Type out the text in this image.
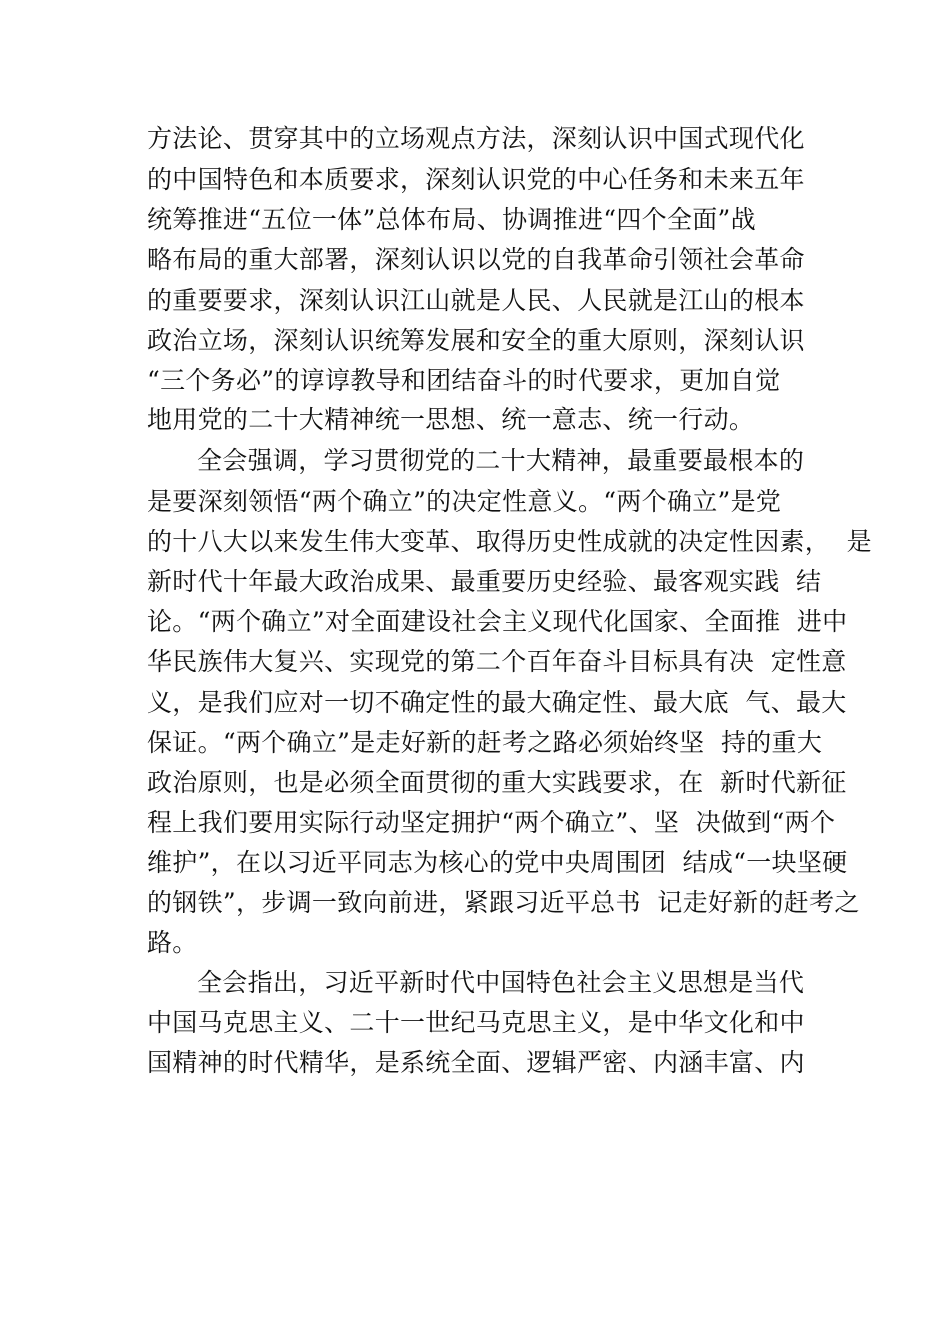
方法论、贯穿其中的立场观点方法，深刻认识中国式现代化

的中国特色和本质要求，深刻认识党的中心任务和未来五年

统筹推进“五位一体”总体布局、协调推进“四个全面”战

略布局的重大部署，深刻认识以党的自我革命引领社会革命

的重要要求，深刻认识江山就是人民、人民就是江山的根本

政治立场，深刻认识统筹发展和安全的重大原则，深刻认识

“三个务必”的谆谆教导和团结奋斗的时代要求，更加自觉

地用党的二十大精神统一思想、统一意志、统一行动。

全会强调，学习贯彻党的二十大精神，最重要最根本的

是要深刻领悟“两个确立”的决定性意义。“两个确立”是党

的十八大以来发生伟大变革、取得历史性成就的决定性因素，  是

新时代十年最大政治成果、最重要历史经验、最客观实践  结

论。“两个确立”对全面建设社会主义现代化国家、全面推  进中

华民族伟大复兴、实现党的第二个百年奋斗目标具有决  定性意

义，是我们应对一切不确定性的最大确定性、最大底  气、最大

保证。“两个确立”是走好新的赶考之路必须始终坚  持的重大

政治原则，也是必须全面贯彻的重大实践要求，在  新时代新征

程上我们要用实际行动坚定拥护“两个确立”、坚  决做到“两个

维护”，在以习近平同志为核心的党中央周围团  结成“一块坚硬

的钢铁”，步调一致向前进，紧跟习近平总书  记走好新的赶考之

路。

全会指出，习近平新时代中国特色社会主义思想是当代

中国马克思主义、二十一世纪马克思主义，是中华文化和中

国精神的时代精华，是系统全面、逻辑严密、内涵丰富、内
